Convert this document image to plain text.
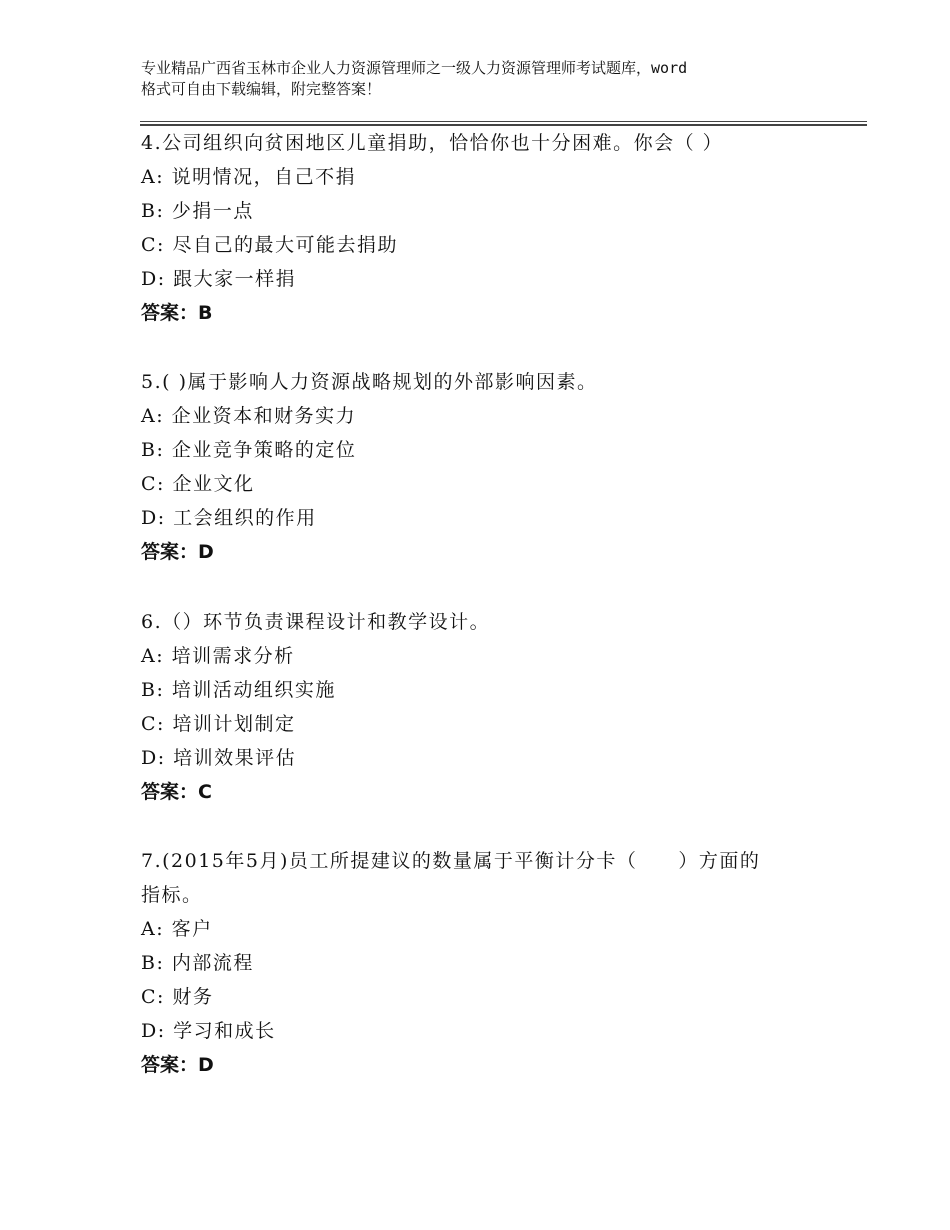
专业精品广西省玉林市企业人力资源管理师之一级人力资源管理师考试题库，word
格式可自由下载编辑，附完整答案！
4.公司组织向贫困地区儿童捐助，恰恰你也十分困难。你会（ ）
A: 说明情况，自己不捐
B: 少捐一点
C: 尽自己的最大可能去捐助
D: 跟大家一样捐
答案：B
5.( )属于影响人力资源战略规划的外部影响因素。
A: 企业资本和财务实力
B: 企业竞争策略的定位
C: 企业文化
D: 工会组织的作用
答案：D
6.（）环节负责课程设计和教学设计。
A: 培训需求分析
B: 培训活动组织实施
C: 培训计划制定
D: 培训效果评估
答案：C
7.(2015年5月)员工所提建议的数量属于平衡计分卡（　　）方面的
指标。
A: 客户
B: 内部流程
C: 财务
D: 学习和成长
答案：D
